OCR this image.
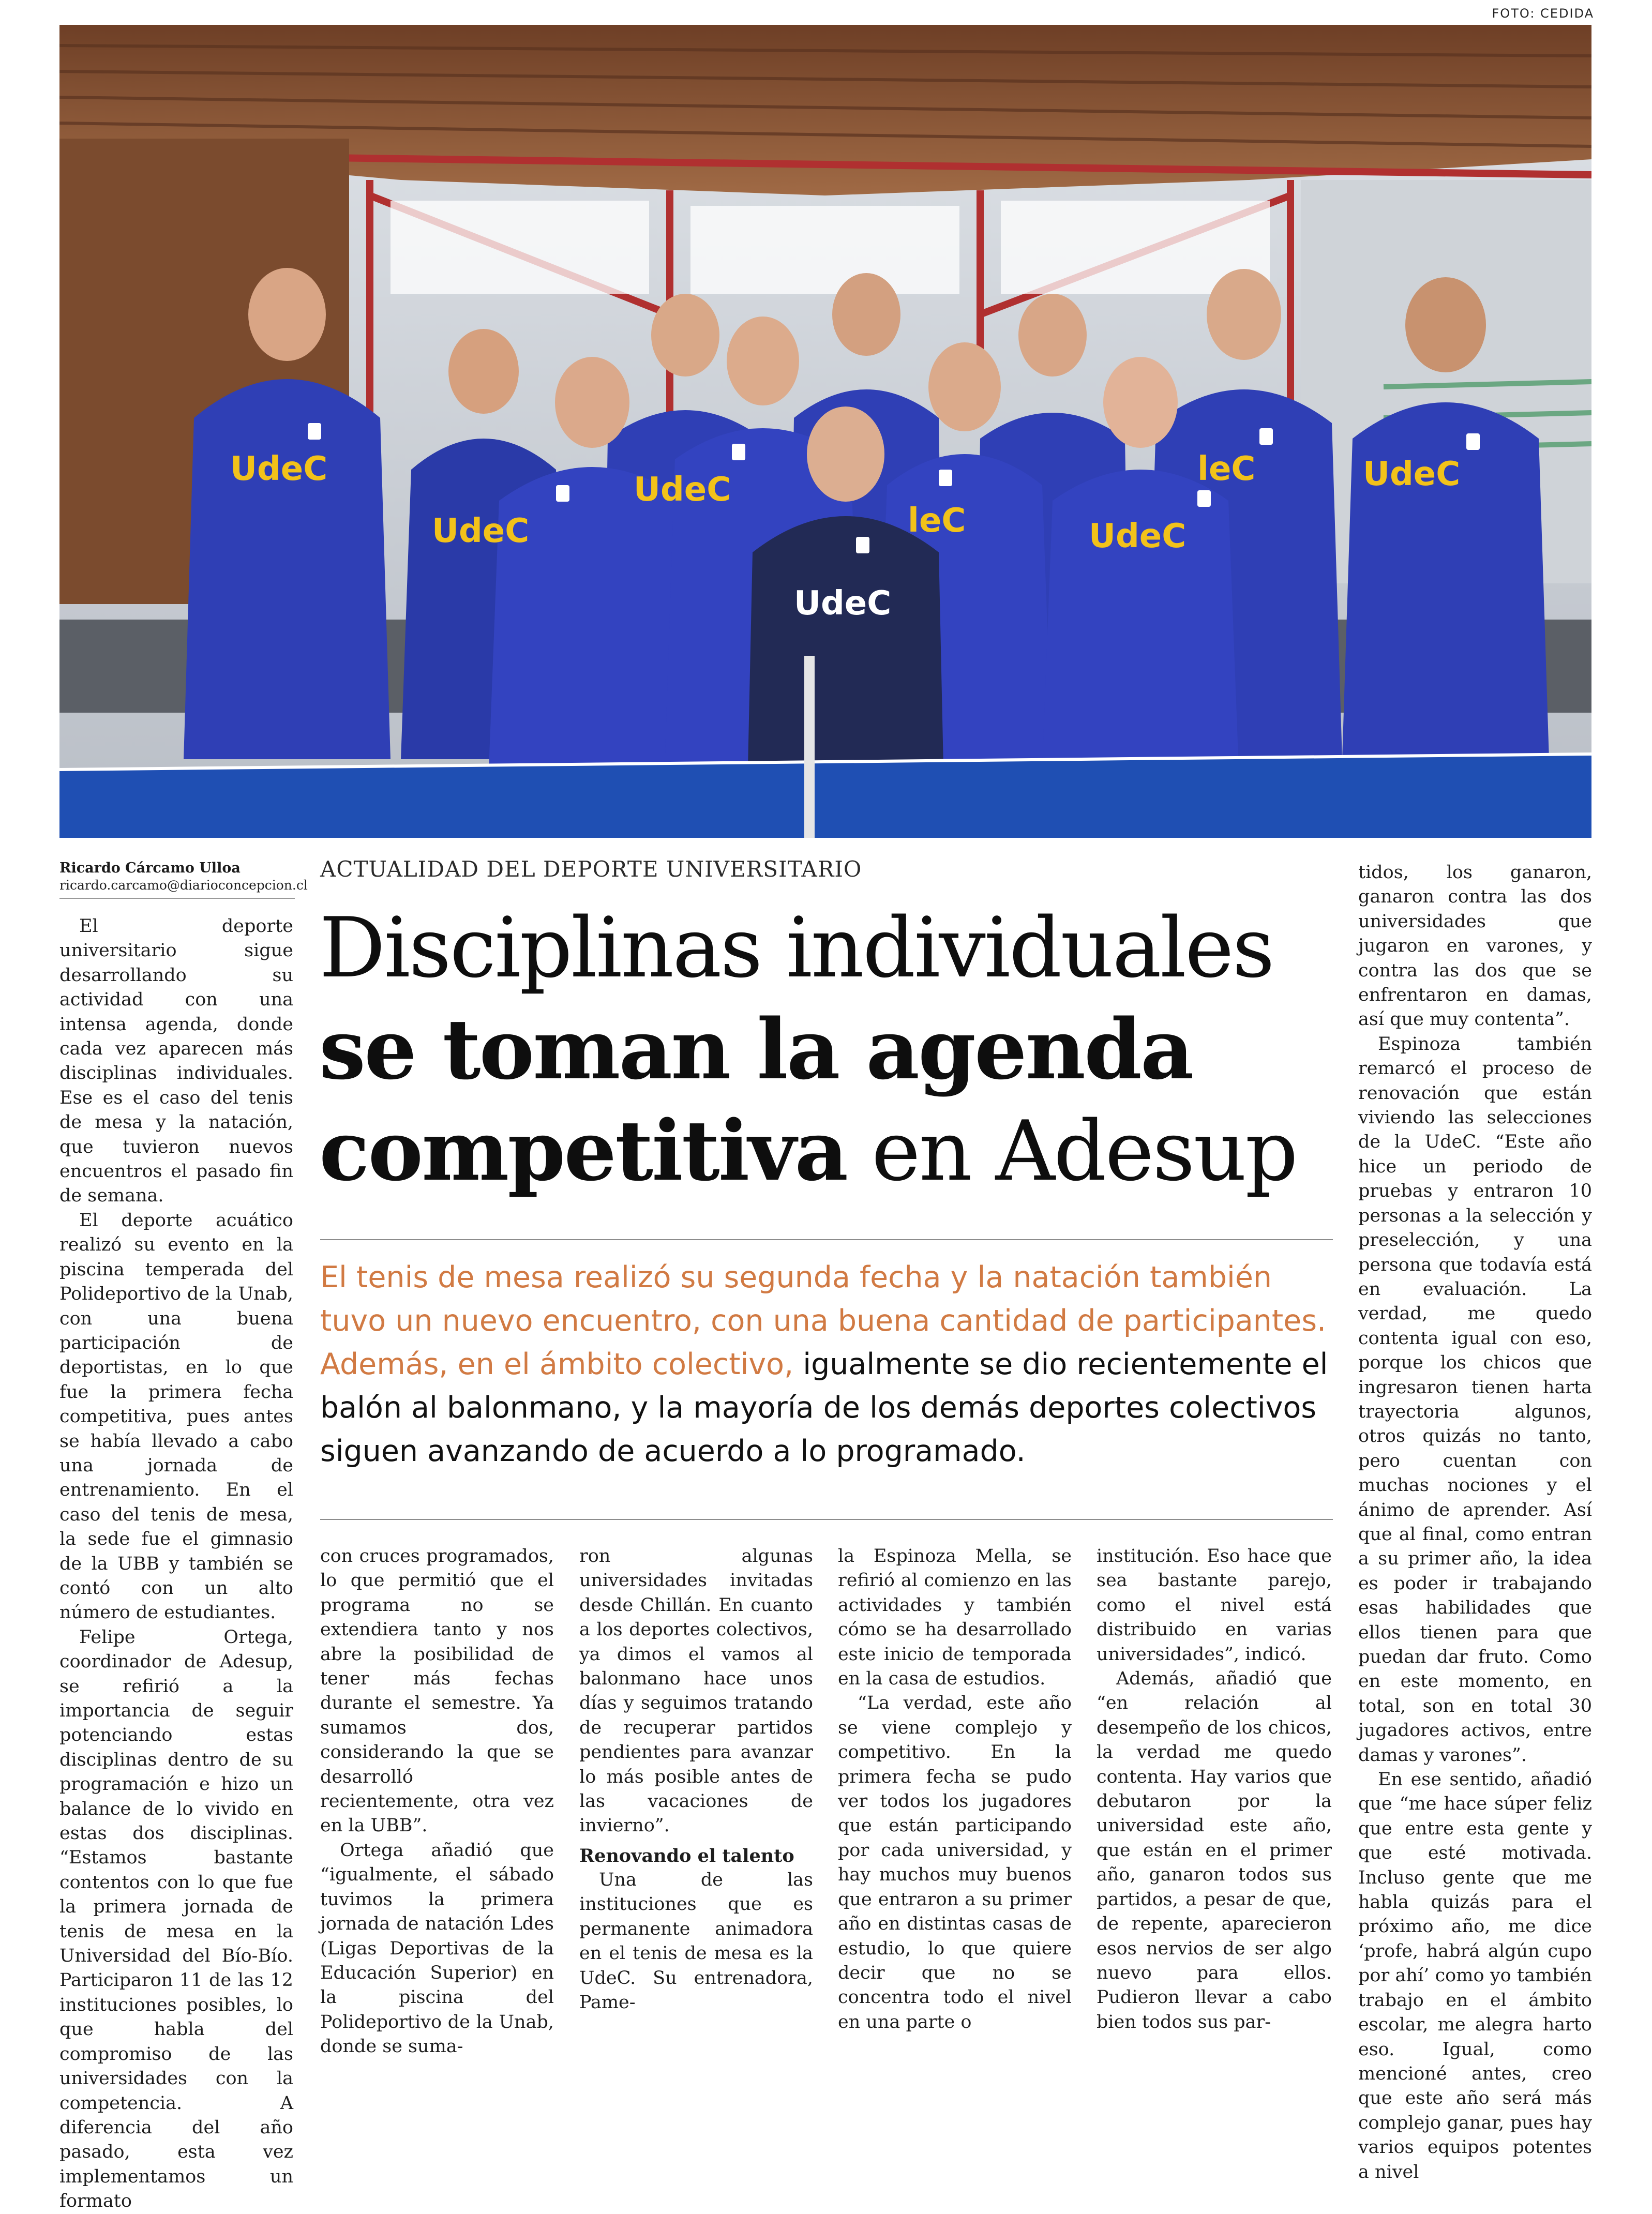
FOTO: CEDIDA
UdeC
UdeC
UdeC
leC	UdeC
leC	UdeC
UdeC
Ricardo Cárcamo Ulloa
ricardo.carcamo@diarioconcepcion.cl
ACTUALIDAD DEL DEPORTE UNIVERSITARIO
Disciplinas individuales
se toman la agenda
competitiva en Adesup
El tenis de mesa realizó su segunda fecha y la natación también tuvo un nuevo encuentro, con una buena cantidad de participantes. Además, en el ámbito colectivo, igualmente se dio recientemente el balón al balonmano, y la mayoría de los demás deportes colectivos siguen avanzando de acuerdo a lo programado.

El deporte universitario sigue desarrollando su actividad con una intensa agenda, donde cada vez aparecen más disciplinas individuales. Ese es el caso del tenis de mesa y la natación, que tuvieron nuevos encuentros el pasado fin de semana.

El deporte acuático realizó su evento en la piscina temperada del Polideportivo de la Unab, con una buena participación de deportistas, en lo que fue la primera fecha competitiva, pues antes se había llevado a cabo una jornada de entrenamiento. En el caso del tenis de mesa, la sede fue el gimnasio de la UBB y también se contó con un alto número de estudiantes.

Felipe Ortega, coordinador de Adesup, se refirió a la importancia de seguir potenciando estas disciplinas dentro de su programación e hizo un balance de lo vivido en estas dos disciplinas. “Estamos bastante contentos con lo que fue la primera jornada de tenis de mesa en la Universidad del Bío-Bío. Participaron 11 de las 12 instituciones posibles, lo que habla del compromiso de las universidades con la competencia. A diferencia del año pasado, esta vez implementamos un formato

con cruces programados, lo que permitió que el programa no se extendiera tanto y nos abre la posibilidad de tener más fechas durante el semestre. Ya sumamos dos, considerando la que se desarrolló recientemente, otra vez en la UBB”.

Ortega añadió que “igualmente, el sábado tuvimos la primera jornada de natación Ldes (Ligas Deportivas de la Educación Superior) en la piscina del Polideportivo de la Unab, donde se suma-

ron algunas universidades invitadas desde Chillán. En cuanto a los deportes colectivos, ya dimos el vamos al balonmano hace unos días y seguimos tratando de recuperar partidos pendientes para avanzar lo más posible antes de las vacaciones de invierno”.

Renovando el talento

Una de las instituciones que es permanente animadora en el tenis de mesa es la UdeC. Su entrenadora, Pame-

la Espinoza Mella, se refirió al comienzo en las actividades y también cómo se ha desarrollado este inicio de temporada en la casa de estudios.

“La verdad, este año se viene complejo y competitivo. En la primera fecha se pudo ver todos los jugadores que están participando por cada universidad, y hay muchos muy buenos que entraron a su primer año en distintas casas de estudio, lo que quiere decir que no se concentra todo el nivel en una parte o

institución. Eso hace que sea bastante parejo, como el nivel está distribuido en varias universidades”, indicó.

Además, añadió que “en relación al desempeño de los chicos, la verdad me quedo contenta. Hay varios que debutaron por la universidad este año, que están en el primer año, ganaron todos sus partidos, a pesar de que, de repente, aparecieron esos nervios de ser algo nuevo para ellos. Pudieron llevar a cabo bien todos sus par-

tidos, los ganaron, ganaron contra las dos universidades que jugaron en varones, y contra las dos que se enfrentaron en damas, así que muy contenta”.

Espinoza también remarcó el proceso de renovación que están viviendo las selecciones de la UdeC. “Este año hice un periodo de pruebas y entraron 10 personas a la selección y preselección, y una persona que todavía está en evaluación. La verdad, me quedo contenta igual con eso, porque los chicos que ingresaron tienen harta trayectoria algunos, otros quizás no tanto, pero cuentan con muchas nociones y el ánimo de aprender. Así que al final, como entran a su primer año, la idea es poder ir trabajando esas habilidades que ellos tienen para que puedan dar fruto. Como en este momento, en total, son en total 30 jugadores activos, entre damas y varones”.

En ese sentido, añadió que “me hace súper feliz que entre esta gente y que esté motivada. Incluso gente que me habla quizás para el próximo año, me dice ‘profe, habrá algún cupo por ahí’ como yo también trabajo en el ámbito escolar, me alegra harto eso. Igual, como mencioné antes, creo que este año será más complejo ganar, pues hay varios equipos potentes a nivel
